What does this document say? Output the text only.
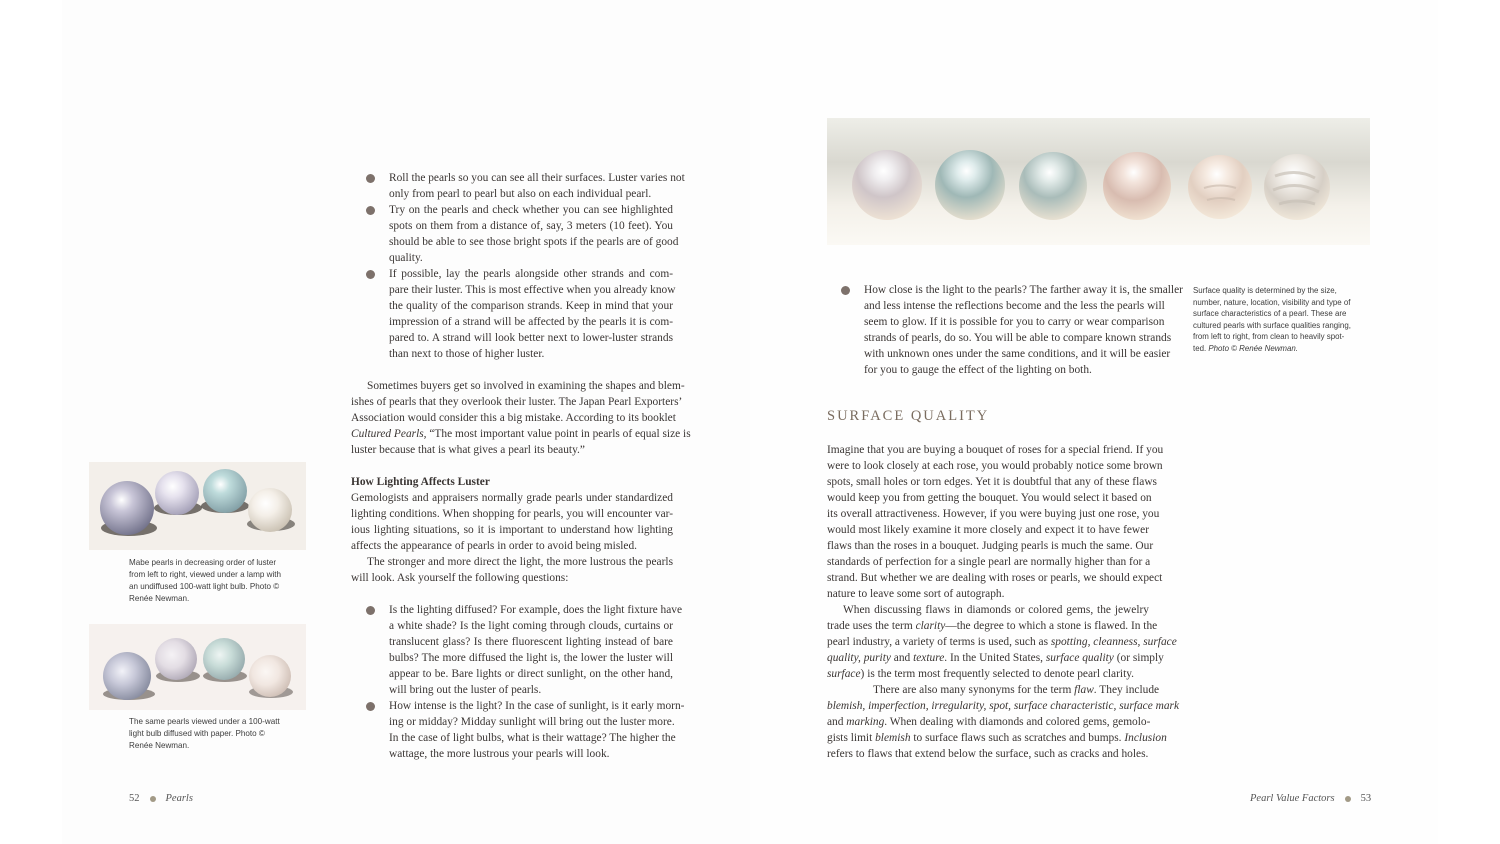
Mabe pearls in decreasing order of luster
from left to right, viewed under a lamp with
an undiffused 100-watt light bulb. Photo ©
Renée Newman.
The same pearls viewed under a 100-watt
light bulb diffused with paper. Photo ©
Renée Newman.
Roll the pearls so you can see all their surfaces. Luster varies not
only from pearl to pearl but also on each individual pearl.
Try on the pearls and check whether you can see highlighted
spots on them from a distance of, say, 3 meters (10 feet). You
should be able to see those bright spots if the pearls are of good
quality.
If possible, lay the pearls alongside other strands and com-
pare their luster. This is most effective when you already know
the quality of the comparison strands. Keep in mind that your
impression of a strand will be affected by the pearls it is com-
pared to. A strand will look better next to lower-luster strands
than next to those of higher luster.
Sometimes buyers get so involved in examining the shapes and blem-
ishes of pearls that they overlook their luster. The Japan Pearl Exporters’
Association would consider this a big mistake. According to its booklet
Cultured Pearls, “The most important value point in pearls of equal size is
luster because that is what gives a pearl its beauty.”
How Lighting Affects Luster
Gemologists and appraisers normally grade pearls under standardized
lighting conditions. When shopping for pearls, you will encounter var-
ious lighting situations, so it is important to understand how lighting
affects the appearance of pearls in order to avoid being misled.
The stronger and more direct the light, the more lustrous the pearls
will look. Ask yourself the following questions:
Is the lighting diffused? For example, does the light fixture have
a white shade? Is the light coming through clouds, curtains or
translucent glass? Is there fluorescent lighting instead of bare
bulbs? The more diffused the light is, the lower the luster will
appear to be. Bare lights or direct sunlight, on the other hand,
will bring out the luster of pearls.
How intense is the light? In the case of sunlight, is it early morn-
ing or midday? Midday sunlight will bring out the luster more.
In the case of light bulbs, what is their wattage? The higher the
wattage, the more lustrous your pearls will look.
52 Pearls
Surface quality is determined by the size,
number, nature, location, visibility and type of
surface characteristics of a pearl. These are
cultured pearls with surface qualities ranging,
from left to right, from clean to heavily spot-
ted. Photo © Renée Newman.
How close is the light to the pearls? The farther away it is, the smaller
and less intense the reflections become and the less the pearls will
seem to glow. If it is possible for you to carry or wear comparison
strands of pearls, do so. You will be able to compare known strands
with unknown ones under the same conditions, and it will be easier
for you to gauge the effect of the lighting on both.
SURFACE QUALITY
Imagine that you are buying a bouquet of roses for a special friend. If you
were to look closely at each rose, you would probably notice some brown
spots, small holes or torn edges. Yet it is doubtful that any of these flaws
would keep you from getting the bouquet. You would select it based on
its overall attractiveness. However, if you were buying just one rose, you
would most likely examine it more closely and expect it to have fewer
flaws than the roses in a bouquet. Judging pearls is much the same. Our
standards of perfection for a single pearl are normally higher than for a
strand. But whether we are dealing with roses or pearls, we should expect
nature to leave some sort of autograph.
When discussing flaws in diamonds or colored gems, the jewelry
trade uses the term clarity—the degree to which a stone is flawed. In the
pearl industry, a variety of terms is used, such as spotting, cleanness, surface
quality, purity and texture. In the United States, surface quality (or simply
surface) is the term most frequently selected to denote pearl clarity.
There are also many synonyms for the term flaw. They include
blemish, imperfection, irregularity, spot, surface characteristic, surface mark
and marking. When dealing with diamonds and colored gems, gemolo-
gists limit blemish to surface flaws such as scratches and bumps. Inclusion
refers to flaws that extend below the surface, such as cracks and holes.
Pearl Value Factors 53
